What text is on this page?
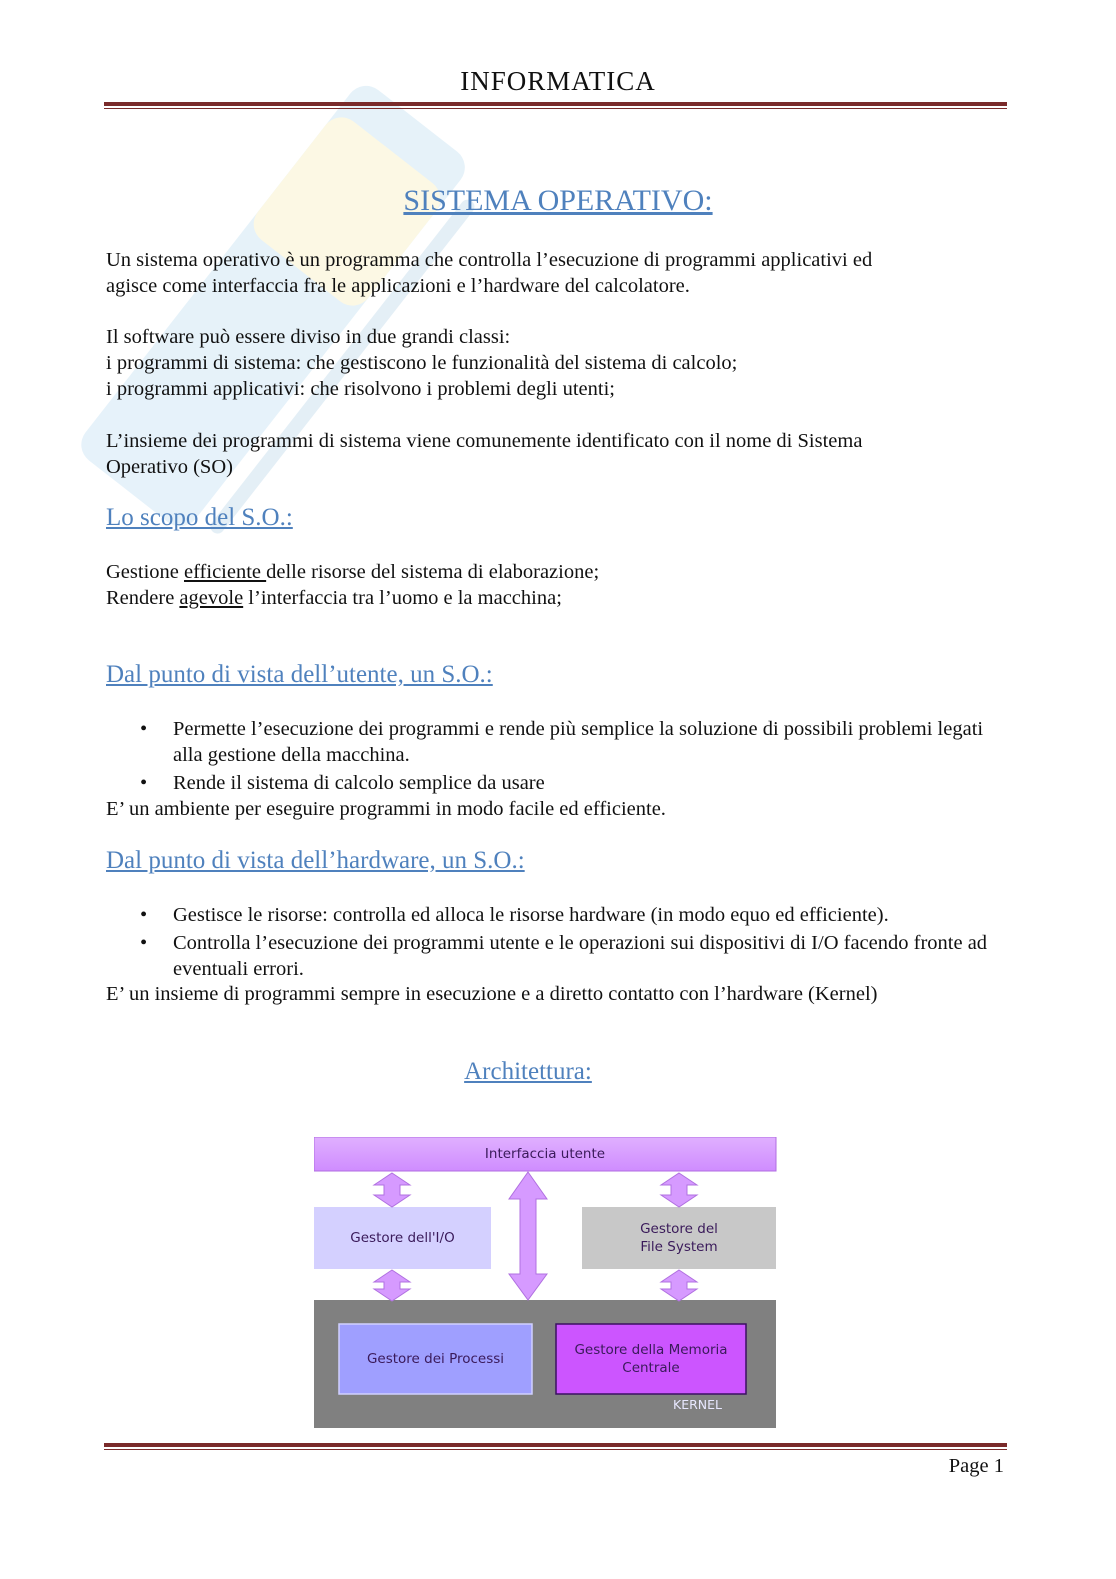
INFORMATICA
SISTEMA OPERATIVO:
Un sistema operativo è un programma che controlla l’esecuzione di programmi applicativi ed
agisce come interfaccia fra le applicazioni e l’hardware del calcolatore.
Il software può essere diviso in due grandi classi:
i programmi di sistema: che gestiscono le funzionalità del sistema di calcolo;
i programmi applicativi: che risolvono i problemi degli utenti;
L’insieme dei programmi di sistema viene comunemente identificato con il nome di Sistema
Operativo (SO)
Lo scopo del S.O.:
Gestione efficiente delle risorse del sistema di elaborazione;
Rendere agevole l’interfaccia tra l’uomo e la macchina;
Dal punto di vista dell’utente, un S.O.:
• Permette l’esecuzione dei programmi e rende più semplice la soluzione di possibili problemi legati alla gestione della macchina.
• Rende il sistema di calcolo semplice da usare
E’ un ambiente per eseguire programmi in modo facile ed efficiente.
Dal punto di vista dell’hardware, un S.O.:
• Gestisce le risorse: controlla ed alloca le risorse hardware (in modo equo ed efficiente).
• Controlla l’esecuzione dei programmi utente e le operazioni sui dispositivi di I/O facendo fronte ad eventuali errori.
E’ un insieme di programmi sempre in esecuzione e a diretto contatto con l’hardware (Kernel)
Architettura:
Interfaccia utente
Gestore dell'I/O
Gestore del
File System
Gestore dei Processi
Gestore della Memoria
Centrale
KERNEL
Page 1
